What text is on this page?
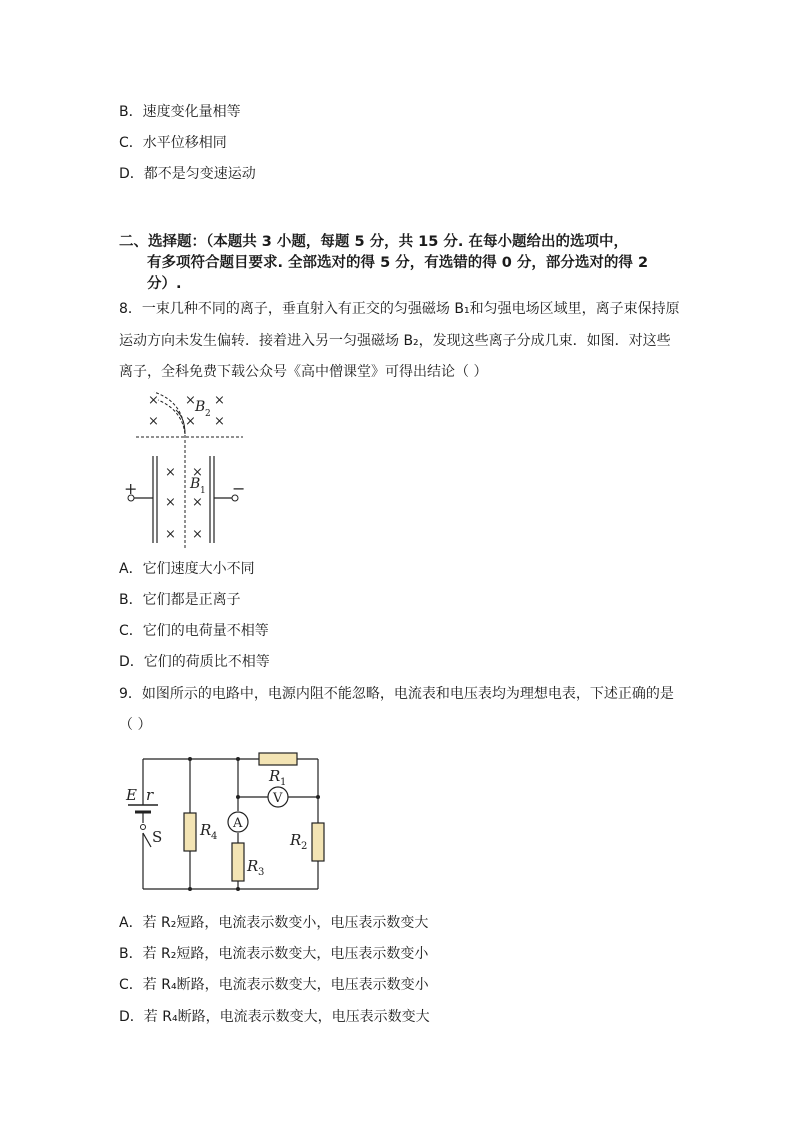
B．速度变化量相等
C．水平位移相同
D．都不是匀变速运动
二、选择题：（本题共 3 小题，每题 5 分，共 15 分. 在每小题给出的选项中，
有多项符合题目要求. 全部选对的得 5 分，有选错的得 0 分，部分选对的得 2
分）.
8．一束几种不同的离子，垂直射入有正交的匀强磁场 B₁和匀强电场区域里，离子束保持原
运动方向未发生偏转．接着进入另一匀强磁场 B₂，发现这些离子分成几束．如图．对这些
离子，全科免费下载公众号《高中僧课堂》可得出结论（ ）
× × ×
× × ×
B 2
+	−
× ×
× ×
× ×
B 1
A．它们速度大小不同
B．它们都是正离子
C．它们的电荷量不相等
D．它们的荷质比不相等
9．如图所示的电路中，电源内阻不能忽略，电流表和电压表均为理想电表，下述正确的是
（ ）
E r
S
V
A
R 1
R 4
R 3
R 2
A．若 R₂短路，电流表示数变小，电压表示数变大
B．若 R₂短路，电流表示数变大，电压表示数变小
C．若 R₄断路，电流表示数变大，电压表示数变小
D．若 R₄断路，电流表示数变大，电压表示数变大
